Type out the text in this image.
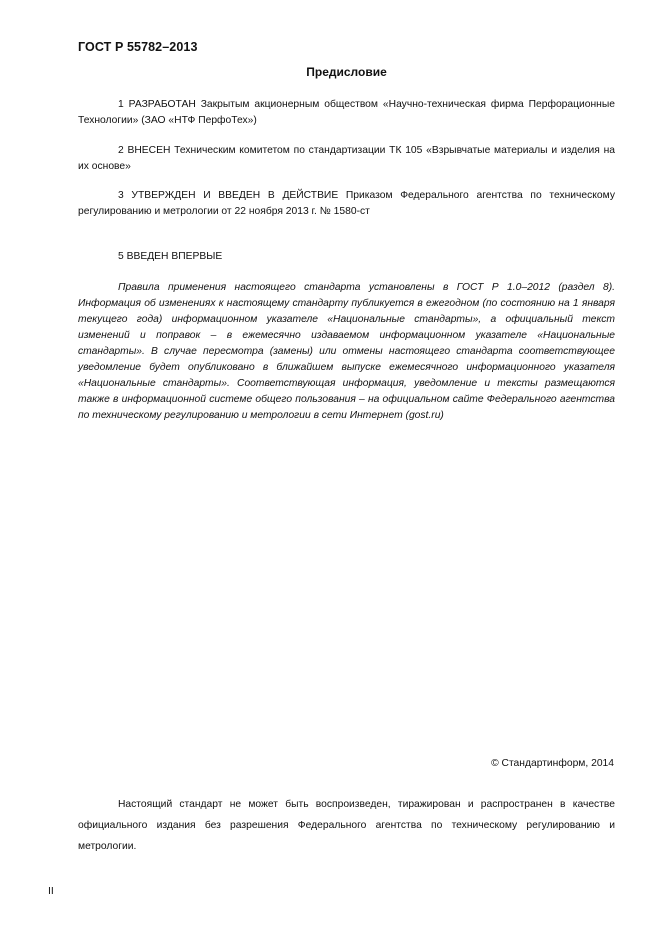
ГОСТ Р 55782–2013
Предисловие

1 РАЗРАБОТАН Закрытым акционерным обществом «Научно-техническая фирма Перфорационные Технологии» (ЗАО «НТФ ПерфоТех»)

2 ВНЕСЕН Техническим комитетом по стандартизации ТК 105 «Взрывчатые материалы и изделия на их основе»

3 УТВЕРЖДЕН И ВВЕДЕН В ДЕЙСТВИЕ Приказом Федерального агентства по техническому регулированию и метрологии от 22 ноября 2013 г. № 1580-ст

5 ВВЕДЕН ВПЕРВЫЕ

Правила применения настоящего стандарта установлены в ГОСТ Р 1.0–2012 (раздел 8). Информация об изменениях к настоящему стандарту публикуется в ежегодном (по состоянию на 1 января текущего года) информационном указателе «Национальные стандарты», а официальный текст изменений и поправок – в ежемесячно издаваемом информационном указателе «Национальные стандарты». В случае пересмотра (замены) или отмены настоящего стандарта соответствующее уведомление будет опубликовано в ближайшем выпуске ежемесячного информационного указателя «Национальные стандарты». Соответствующая информация, уведомление и тексты размещаются также в информационной системе общего пользования – на официальном сайте Федерального агентства по техническому регулированию и метрологии в сети Интернет (gost.ru)

© Стандартинформ, 2014

Настоящий стандарт не может быть воспроизведен, тиражирован и распространен в качестве официального издания без разрешения Федерального агентства по техническому регулированию и метрологии.

II
